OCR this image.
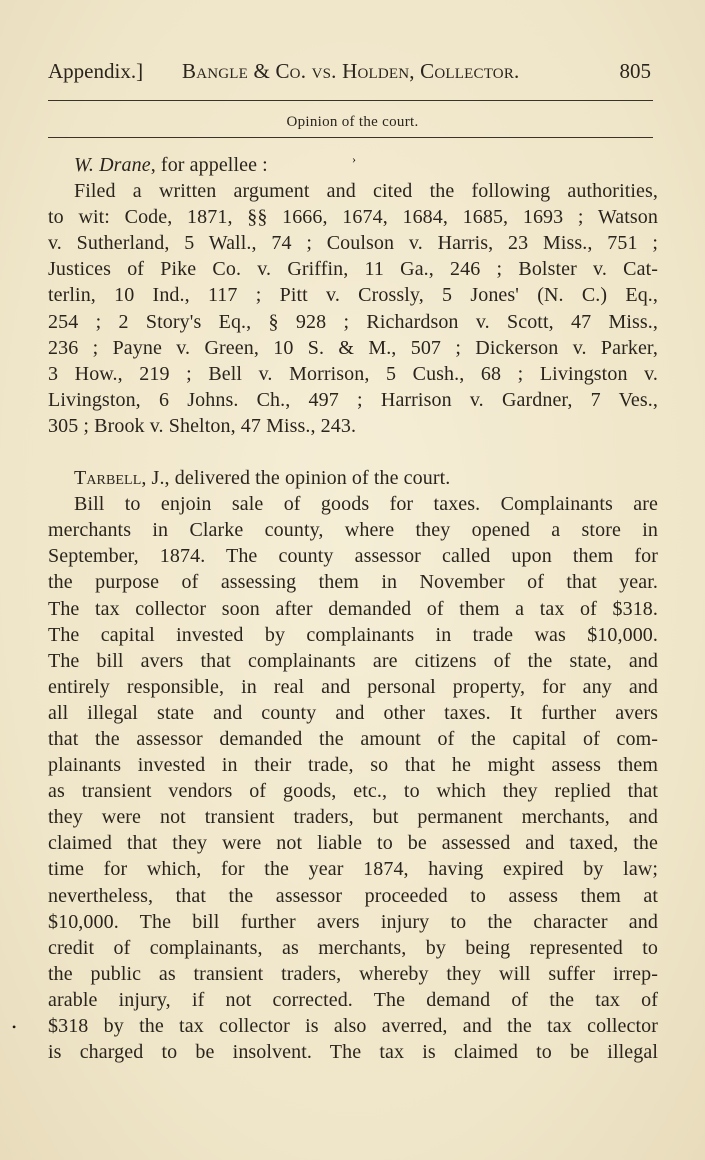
Appendix.] Bangle & Co. vs. Holden, Collector.	805
Opinion of the court.
›
•
W. Drane, for appellee :
Filed a written argument and cited the following authorities,
to wit: Code, 1871, §§ 1666, 1674, 1684, 1685, 1693 ; Watson
v. Sutherland, 5 Wall., 74 ; Coulson v. Harris, 23 Miss., 751 ;
Justices of Pike Co. v. Griffin, 11 Ga., 246 ; Bolster v. Cat-
terlin, 10 Ind., 117 ; Pitt v. Crossly, 5 Jones' (N. C.) Eq.,
254 ; 2 Story's Eq., § 928 ; Richardson v. Scott, 47 Miss.,
236 ; Payne v. Green, 10 S. & M., 507 ; Dickerson v. Parker,
3 How., 219 ; Bell v. Morrison, 5 Cush., 68 ; Livingston v.
Livingston, 6 Johns. Ch., 497 ; Harrison v. Gardner, 7 Ves.,
305 ; Brook v. Shelton, 47 Miss., 243.
Tarbell, J., delivered the opinion of the court.
Bill to enjoin sale of goods for taxes. Complainants are
merchants in Clarke county, where they opened a store in
September, 1874. The county assessor called upon them for
the purpose of assessing them in November of that year.
The tax collector soon after demanded of them a tax of $318.
The capital invested by complainants in trade was $10,000.
The bill avers that complainants are citizens of the state, and
entirely responsible, in real and personal property, for any and
all illegal state and county and other taxes. It further avers
that the assessor demanded the amount of the capital of com-
plainants invested in their trade, so that he might assess them
as transient vendors of goods, etc., to which they replied that
they were not transient traders, but permanent merchants, and
claimed that they were not liable to be assessed and taxed, the
time for which, for the year 1874, having expired by law;
nevertheless, that the assessor proceeded to assess them at
$10,000. The bill further avers injury to the character and
credit of complainants, as merchants, by being represented to
the public as transient traders, whereby they will suffer irrep-
arable injury, if not corrected. The demand of the tax of
$318 by the tax collector is also averred, and the tax collector
is charged to be insolvent. The tax is claimed to be illegal
